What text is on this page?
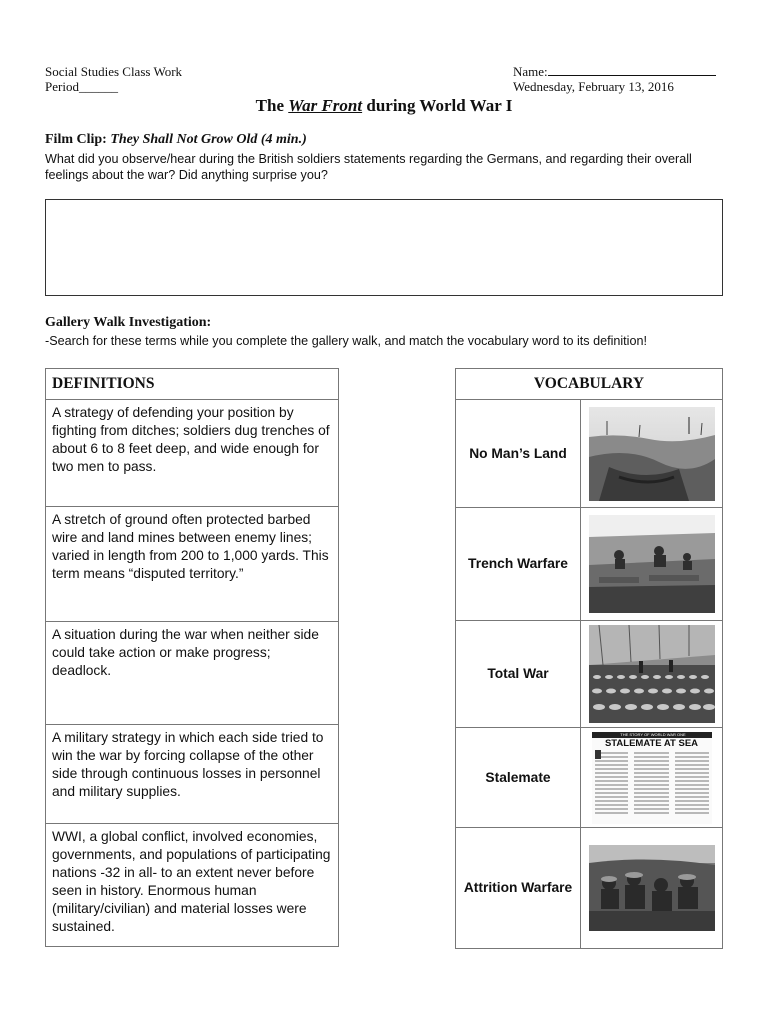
Social Studies Class Work
Period______
Name:
Wednesday, February 13, 2016
The War Front during World War I
Film Clip: They Shall Not Grow Old (4 min.)
What did you observe/hear during the British soldiers statements regarding the Germans, and regarding their overall feelings about the war? Did anything surprise you?
Gallery Walk Investigation:
-Search for these terms while you complete the gallery walk, and match the vocabulary word to its definition!
DEFINITIONS
A strategy of defending your position by fighting from ditches; soldiers dug trenches of about 6 to 8 feet deep, and wide enough for two men to pass.
A stretch of ground often protected barbed wire and land mines between enemy lines; varied in length from 200 to 1,000 yards. This term means “disputed territory.”
A situation during the war when neither side could take action or make progress; deadlock.
A military strategy in which each side tried to win the war by forcing collapse of the other side through continuous losses in personnel and military supplies.
WWI, a global conflict, involved economies, governments, and populations of participating nations -32 in all- to an extent never before seen in history. Enormous human (military/civilian) and material losses were sustained.
VOCABULARY	
No Man’s Land	

Trench Warfare	

Total War	

Stalemate	THE STORY OF WORLD WAR ONE
STALEMATE AT SEA

Attrition Warfare	
